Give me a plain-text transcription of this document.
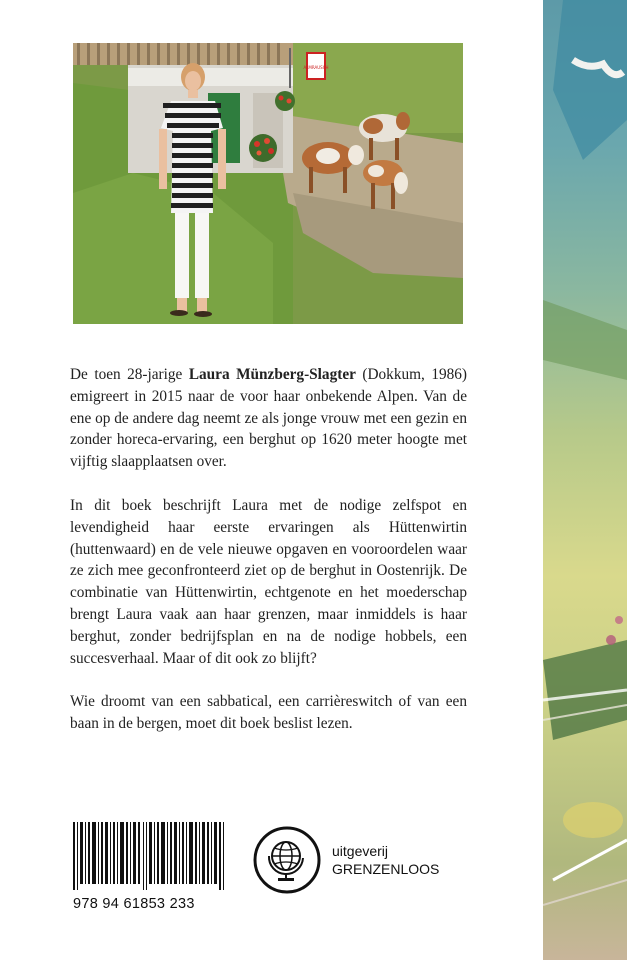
ALMRAUSCH

De toen 28-jarige Laura Münzberg-Slagter (Dokkum, 1986) emigreert in 2015 naar de voor haar onbekende Alpen. Van de ene op de andere dag neemt ze als jonge vrouw met een gezin en zonder horeca-ervaring, een berghut op 1620 meter hoogte met vijftig slaapplaatsen over.

In dit boek beschrijft Laura met de nodige zelfspot en levendigheid haar eerste ervaringen als Hüttenwirtin (huttenwaard) en de vele nieuwe opgaven en vooroordelen waar ze zich mee geconfronteerd ziet op de berghut in Oostenrijk. De combinatie van Hüttenwirtin, echtgenote en het moederschap brengt Laura vaak aan haar grenzen, maar inmiddels is haar berghut, zonder bedrijfsplan en na de nodige hobbels, een succesverhaal. Maar of dit ook zo blijft?

Wie droomt van een sabbatical, een carrièreswitch of van een baan in de bergen, moet dit boek beslist lezen.

978 94 61853 233
uitgeverij
GRENZENLOOS
